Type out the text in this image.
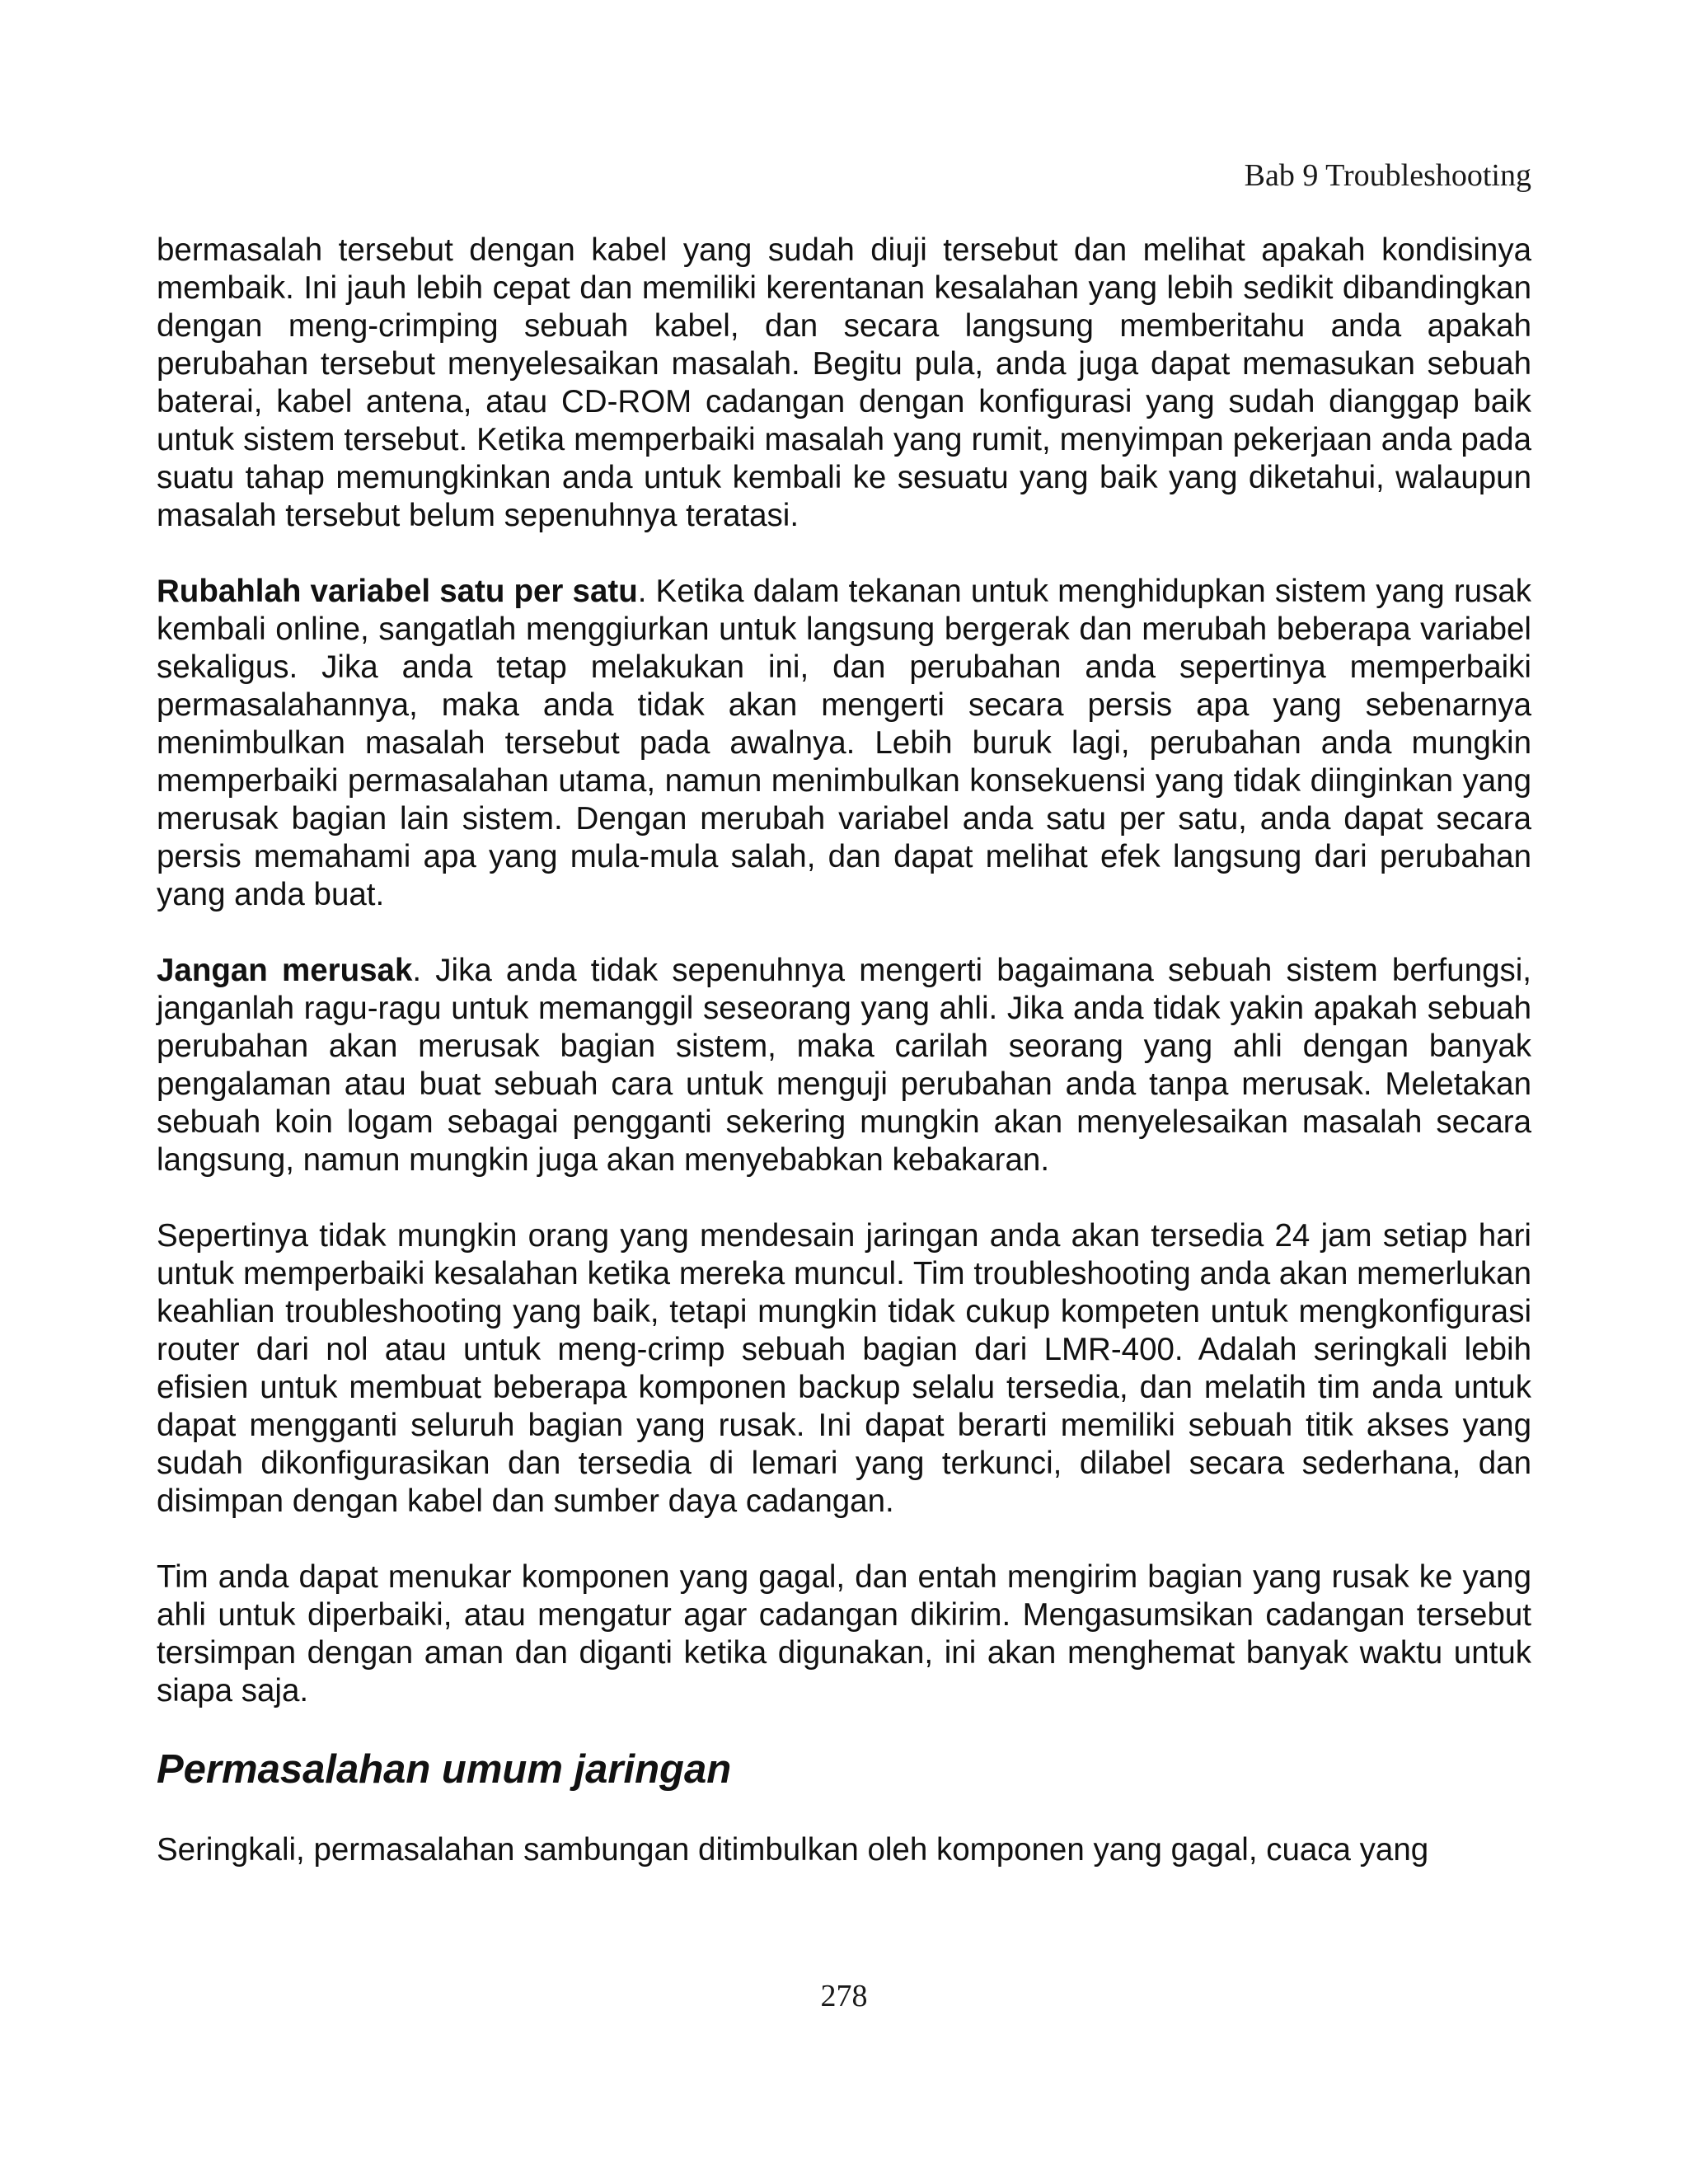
Bab 9 Troubleshooting

bermasalah tersebut dengan kabel yang sudah diuji tersebut dan melihat apakah kondisinya membaik. Ini jauh lebih cepat dan memiliki kerentanan kesalahan yang lebih sedikit dibandingkan dengan meng-crimping sebuah kabel, dan secara langsung memberitahu anda apakah perubahan tersebut menyelesaikan masalah. Begitu pula, anda juga dapat memasukan sebuah baterai, kabel antena, atau CD-ROM cadangan dengan konfigurasi yang sudah dianggap baik untuk sistem tersebut. Ketika memperbaiki masalah yang rumit, menyimpan pekerjaan anda pada suatu tahap memungkinkan anda untuk kembali ke sesuatu yang baik yang diketahui, walaupun masalah tersebut belum sepenuhnya teratasi.

Rubahlah variabel satu per satu. Ketika dalam tekanan untuk menghidupkan sistem yang rusak kembali online, sangatlah menggiurkan untuk langsung bergerak dan merubah beberapa variabel sekaligus. Jika anda tetap melakukan ini, dan perubahan anda sepertinya memperbaiki permasalahannya, maka anda tidak akan mengerti secara persis apa yang sebenarnya menimbulkan masalah tersebut pada awalnya. Lebih buruk lagi, perubahan anda mungkin memperbaiki permasalahan utama, namun menimbulkan konsekuensi yang tidak diinginkan yang merusak bagian lain sistem. Dengan merubah variabel anda satu per satu, anda dapat secara persis memahami apa yang mula-mula salah, dan dapat melihat efek langsung dari perubahan yang anda buat.

Jangan merusak. Jika anda tidak sepenuhnya mengerti bagaimana sebuah sistem berfungsi, janganlah ragu-ragu untuk memanggil seseorang yang ahli. Jika anda tidak yakin apakah sebuah perubahan akan merusak bagian sistem, maka carilah seorang yang ahli dengan banyak pengalaman atau buat sebuah cara untuk menguji perubahan anda tanpa merusak. Meletakan sebuah koin logam sebagai pengganti sekering mungkin akan menyelesaikan masalah secara langsung, namun mungkin juga akan menyebabkan kebakaran.

Sepertinya tidak mungkin orang yang mendesain jaringan anda akan tersedia 24 jam setiap hari untuk memperbaiki kesalahan ketika mereka muncul. Tim troubleshooting anda akan memerlukan keahlian troubleshooting yang baik, tetapi mungkin tidak cukup kompeten untuk mengkonfigurasi router dari nol atau untuk meng-crimp sebuah bagian dari LMR-400. Adalah seringkali lebih efisien untuk membuat beberapa komponen backup selalu tersedia, dan melatih tim anda untuk dapat mengganti seluruh bagian yang rusak. Ini dapat berarti memiliki sebuah titik akses yang sudah dikonfigurasikan dan tersedia di lemari yang terkunci, dilabel secara sederhana, dan disimpan dengan kabel dan sumber daya cadangan.

Tim anda dapat menukar komponen yang gagal, dan entah mengirim bagian yang rusak ke yang ahli untuk diperbaiki, atau mengatur agar cadangan dikirim. Mengasumsikan cadangan tersebut tersimpan dengan aman dan diganti ketika digunakan, ini akan menghemat banyak waktu untuk siapa saja.

Permasalahan umum jaringan

Seringkali, permasalahan sambungan ditimbulkan oleh komponen yang gagal, cuaca yang

278
